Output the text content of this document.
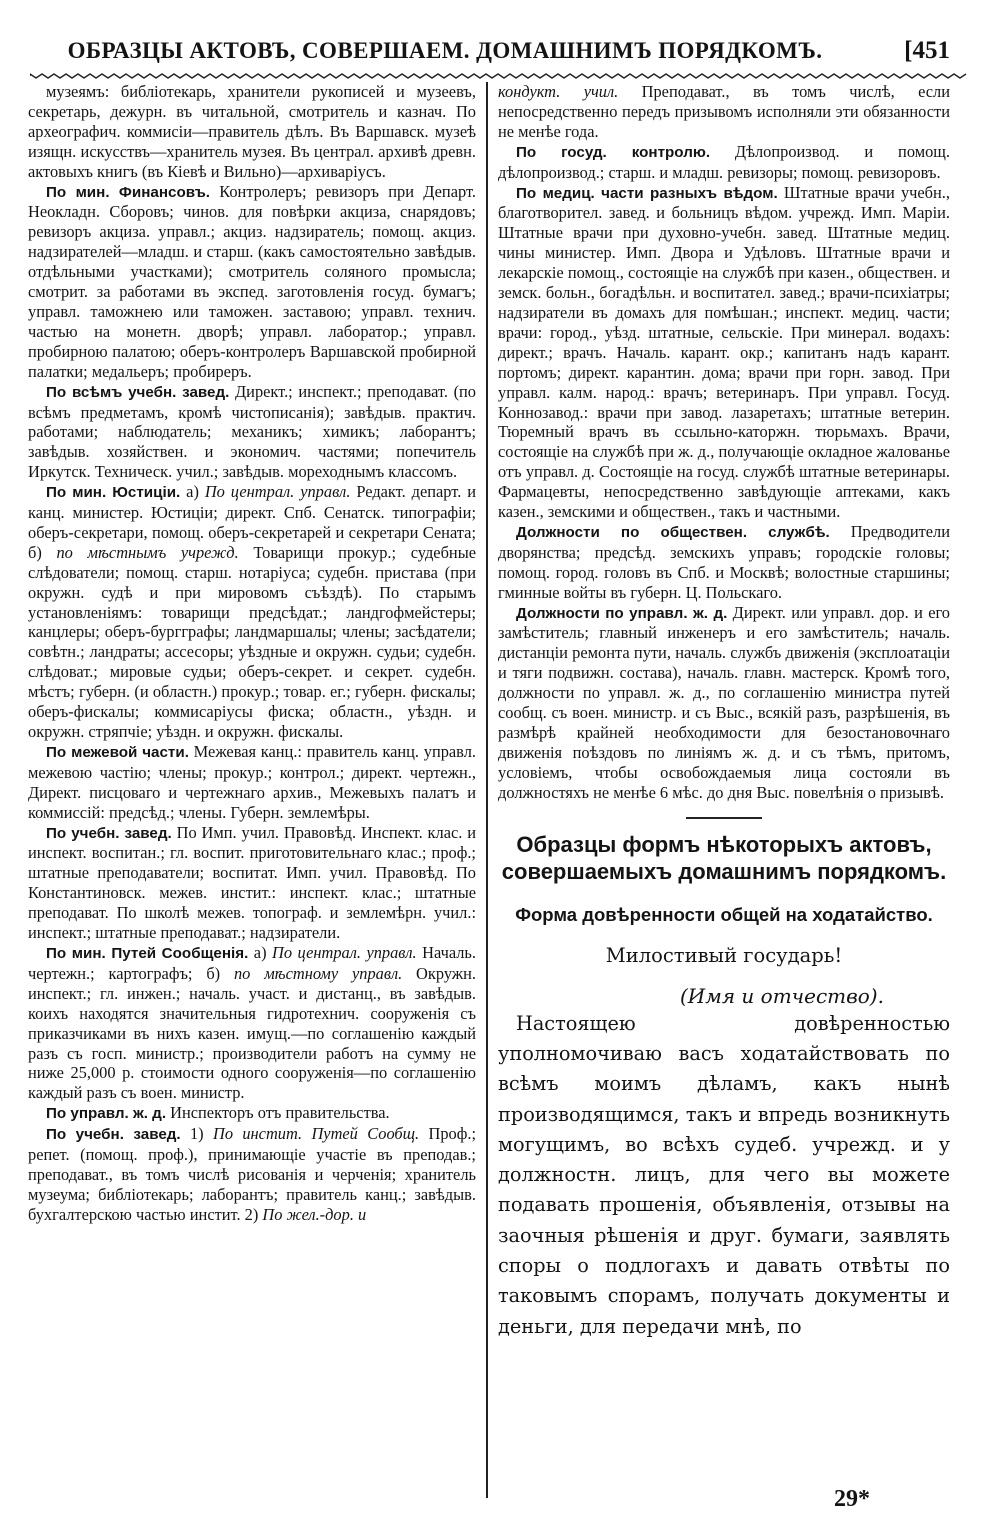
ОБРАЗЦЫ АКТОВЪ, СОВЕРШАЕМ. ДОМАШНИМЪ ПОРЯДКОМЪ.	[451

музеямъ: библіотекарь, хранители рукописей и музеевъ, секретарь, дежурн. въ читальной, смотритель и казнач. По археографич. коммисіи—правитель дѣлъ. Въ Варшавск. музеѣ изящн. искусствъ—хранитель музея. Въ централ. архивѣ древн. актовыхъ книгъ (въ Кіевѣ и Вильно)—архиваріусъ.

По мин. Финансовъ. Контролеръ; ревизоръ при Департ. Неокладн. Сборовъ; чинов. для повѣрки акциза, снарядовъ; ревизоръ акциза. управл.; акциз. надзиратель; помощ. акциз. надзирателей—младш. и старш. (какъ самостоятельно завѣдыв. отдѣльными участками); смотритель соляного промысла; смотрит. за работами въ экспед. заготовленія госуд. бумагъ; управл. таможнею или таможен. заставою; управл. технич. частью на монетн. дворѣ; управл. лаборатор.; управл. пробирною палатою; оберъ-контролеръ Варшавской пробирной палатки; медальеръ; пробиреръ.

По всѣмъ учебн. завед. Директ.; инспект.; преподават. (по всѣмъ предметамъ, кромѣ чистописанія); завѣдыв. практич. работами; наблюдатель; механикъ; химикъ; лаборантъ; завѣдыв. хозяйствен. и экономич. частями; попечитель Иркутск. Техническ. учил.; завѣдыв. мореходнымъ классомъ.

По мин. Юстиціи. а) По централ. управл. Редакт. департ. и канц. министер. Юстиціи; директ. Спб. Сенатск. типографіи; оберъ-секретари, помощ. оберъ-секретарей и секретари Сената; б) по мѣстнымъ учрежд. Товарищи прокур.; судебные слѣдователи; помощ. старш. нотаріуса; судебн. пристава (при окружн. судѣ и при мировомъ съѣздѣ). По старымъ установленіямъ: товарищи предсѣдат.; ландгофмейстеры; канцлеры; оберъ-бургграфы; ландмаршалы; члены; засѣдатели; совѣтн.; ландраты; ассесоры; уѣздные и окружн. судьи; судебн. слѣдоват.; мировые судьи; оберъ-секрет. и секрет. судебн. мѣстъ; губерн. (и областн.) прокур.; товар. ег.; губерн. фискалы; оберъ-фискалы; коммисаріусы фиска; областн., уѣздн. и окружн. стряпчіе; уѣздн. и окружн. фискалы.

По межевой части. Межевая канц.: правитель канц. управл. межевою частію; члены; прокур.; контрол.; директ. чертежн., Директ. писцоваго и чертежнаго архив., Межевыхъ палатъ и коммиссій: предсѣд.; члены. Губерн. землемѣры.

По учебн. завед. По Имп. учил. Правовѣд. Инспект. клас. и инспект. воспитан.; гл. воспит. приготовительнаго клас.; проф.; штатные преподаватели; воспитат. Имп. учил. Правовѣд. По Константиновск. межев. инстит.: инспект. клас.; штатные преподават. По школѣ межев. топограф. и землемѣрн. учил.: инспект.; штатные преподават.; надзиратели.

По мин. Путей Сообщенія. а) По централ. управл. Началь. чертежн.; картографъ; б) по мѣстному управл. Окружн. инспект.; гл. инжен.; началь. участ. и дистанц., въ завѣдыв. коихъ находятся значительныя гидротехнич. сооруженія съ приказчиками въ нихъ казен. имущ.—по соглашенію каждый разъ съ госп. министр.; производители работъ на сумму не ниже 25,000 р. стоимости одного сооруженія—по соглашенію каждый разъ съ воен. министр.

По управл. ж. д. Инспекторъ отъ правительства.

По учебн. завед. 1) По инстит. Путей Сообщ. Проф.; репет. (помощ. проф.), принимающіе участіе въ преподав.; преподават., въ томъ числѣ рисованія и черченія; хранитель музеума; библіотекарь; лаборантъ; правитель канц.; завѣдыв. бухгалтерскою частью инстит. 2) По жел.-дор. и

кондукт. учил. Преподават., въ томъ числѣ, если непосредственно передъ призывомъ исполняли эти обязанности не менѣе года.

По госуд. контролю. Дѣлопроизвод. и помощ. дѣлопроизвод.; старш. и младш. ревизоры; помощ. ревизоровъ.

По медиц. части разныхъ вѣдом. Штатные врачи учебн., благотворител. завед. и больницъ вѣдом. учрежд. Имп. Маріи. Штатные врачи при духовно-учебн. завед. Штатные медиц. чины министер. Имп. Двора и Удѣловъ. Штатные врачи и лекарскіе помощ., состоящіе на службѣ при казен., обществен. и земск. больн., богадѣльн. и воспитател. завед.; врачи-психіатры; надзиратели въ домахъ для помѣшан.; инспект. медиц. части; врачи: город., уѣзд. штатные, сельскіе. При минерал. водахъ: директ.; врачъ. Началь. карант. окр.; капитанъ надъ карант. портомъ; директ. карантин. дома; врачи при горн. завод. При управл. калм. народ.: врачъ; ветеринаръ. При управл. Госуд. Коннозавод.: врачи при завод. лазаретахъ; штатные ветерин. Тюремный врачъ въ ссыльно-каторжн. тюрьмахъ. Врачи, состоящіе на службѣ при ж. д., получающіе окладное жалованье отъ управл. д. Состоящіе на госуд. службѣ штатные ветеринары. Фармацевты, непосредственно завѣдующіе аптеками, какъ казен., земскими и обществен., такъ и частными.

Должности по обществен. службѣ. Предводители дворянства; предсѣд. земскихъ управъ; городскіе головы; помощ. город. головъ въ Спб. и Москвѣ; волостные старшины; гминные войты въ губерн. Ц. Польскаго.

Должности по управл. ж. д. Директ. или управл. дор. и его замѣститель; главный инженеръ и его замѣститель; началь. дистанціи ремонта пути, началь. службъ движенія (эксплоатаціи и тяги подвижн. состава), началь. главн. мастерск. Кромѣ того, должности по управл. ж. д., по соглашенію министра путей сообщ. съ воен. министр. и съ Выс., всякій разъ, разрѣшенія, въ размѣрѣ крайней необходимости для безостановочнаго движенія поѣздовъ по линіямъ ж. д. и съ тѣмъ, притомъ, условіемъ, чтобы освобождаемыя лица состояли въ должностяхъ не менѣе 6 мѣс. до дня Выс. повелѣнія о призывѣ.

Образцы формъ нѣкоторыхъ актовъ, совершаемыхъ домашнимъ порядкомъ.
Форма довѣренности общей на ходатайство.
Милостивый государь!
(Имя и отчество).

Настоящею довѣренностью уполномочиваю васъ ходатайствовать по всѣмъ моимъ дѣламъ, какъ нынѣ производящимся, такъ и впредь возникнуть могущимъ, во всѣхъ судеб. учрежд. и у должностн. лицъ, для чего вы можете подавать прошенія, объявленія, отзывы на заочныя рѣшенія и друг. бумаги, заявлять споры о подлогахъ и давать отвѣты по таковымъ спорамъ, получать документы и деньги, для передачи мнѣ, по

29*
